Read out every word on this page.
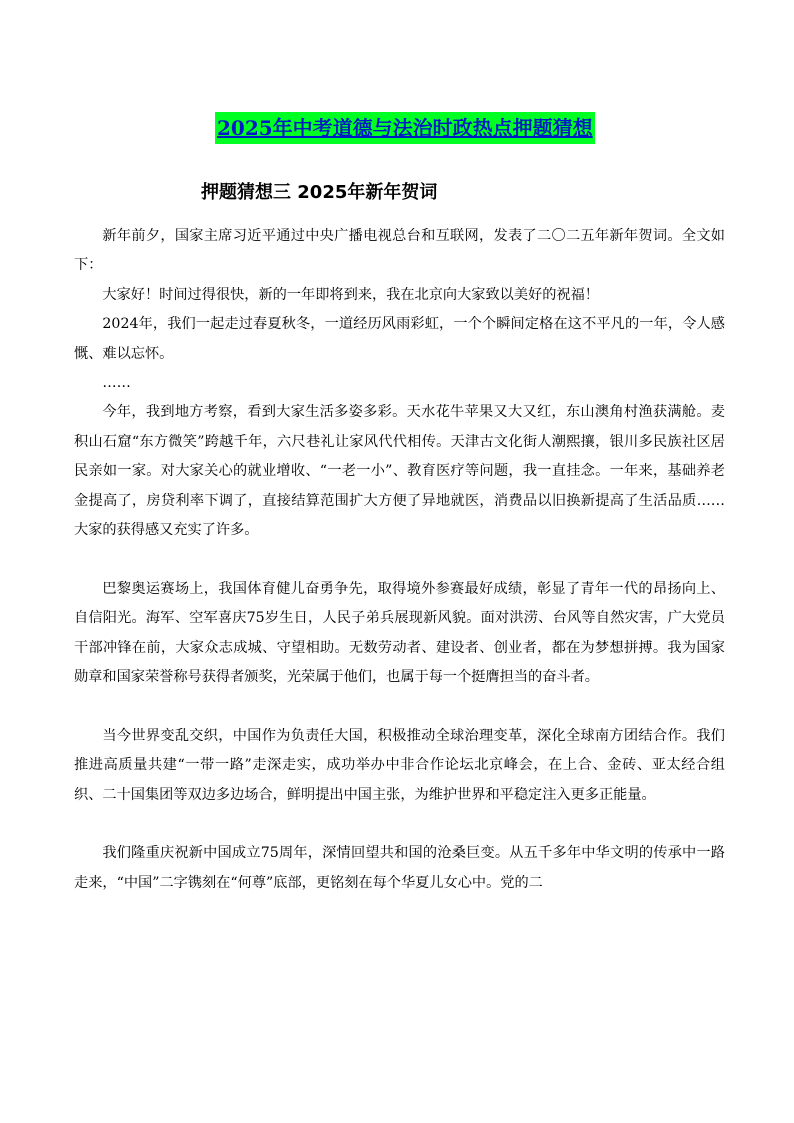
2025年中考道德与法治时政热点押题猜想
押题猜想三 2025年新年贺词

新年前夕，国家主席习近平通过中央广播电视总台和互联网，发表了二〇二五年新年贺词。全文如下：

大家好！时间过得很快，新的一年即将到来，我在北京向大家致以美好的祝福！

2024年，我们一起走过春夏秋冬，一道经历风雨彩虹，一个个瞬间定格在这不平凡的一年，令人感慨、难以忘怀。

……

今年，我到地方考察，看到大家生活多姿多彩。天水花牛苹果又大又红，东山澳角村渔获满舱。麦积山石窟“东方微笑”跨越千年，六尺巷礼让家风代代相传。天津古文化街人潮熙攘，银川多民族社区居民亲如一家。对大家关心的就业增收、“一老一小”、教育医疗等问题，我一直挂念。一年来，基础养老金提高了，房贷利率下调了，直接结算范围扩大方便了异地就医，消费品以旧换新提高了生活品质……大家的获得感又充实了许多。

巴黎奥运赛场上，我国体育健儿奋勇争先，取得境外参赛最好成绩，彰显了青年一代的昂扬向上、自信阳光。海军、空军喜庆75岁生日，人民子弟兵展现新风貌。面对洪涝、台风等自然灾害，广大党员干部冲锋在前，大家众志成城、守望相助。无数劳动者、建设者、创业者，都在为梦想拼搏。我为国家勋章和国家荣誉称号获得者颁奖，光荣属于他们，也属于每一个挺膺担当的奋斗者。

当今世界变乱交织，中国作为负责任大国，积极推动全球治理变革，深化全球南方团结合作。我们推进高质量共建“一带一路”走深走实，成功举办中非合作论坛北京峰会，在上合、金砖、亚太经合组织、二十国集团等双边多边场合，鲜明提出中国主张，为维护世界和平稳定注入更多正能量。

我们隆重庆祝新中国成立75周年，深情回望共和国的沧桑巨变。从五千多年中华文明的传承中一路走来，“中国”二字镌刻在“何尊”底部，更铭刻在每个华夏儿女心中。党的二
